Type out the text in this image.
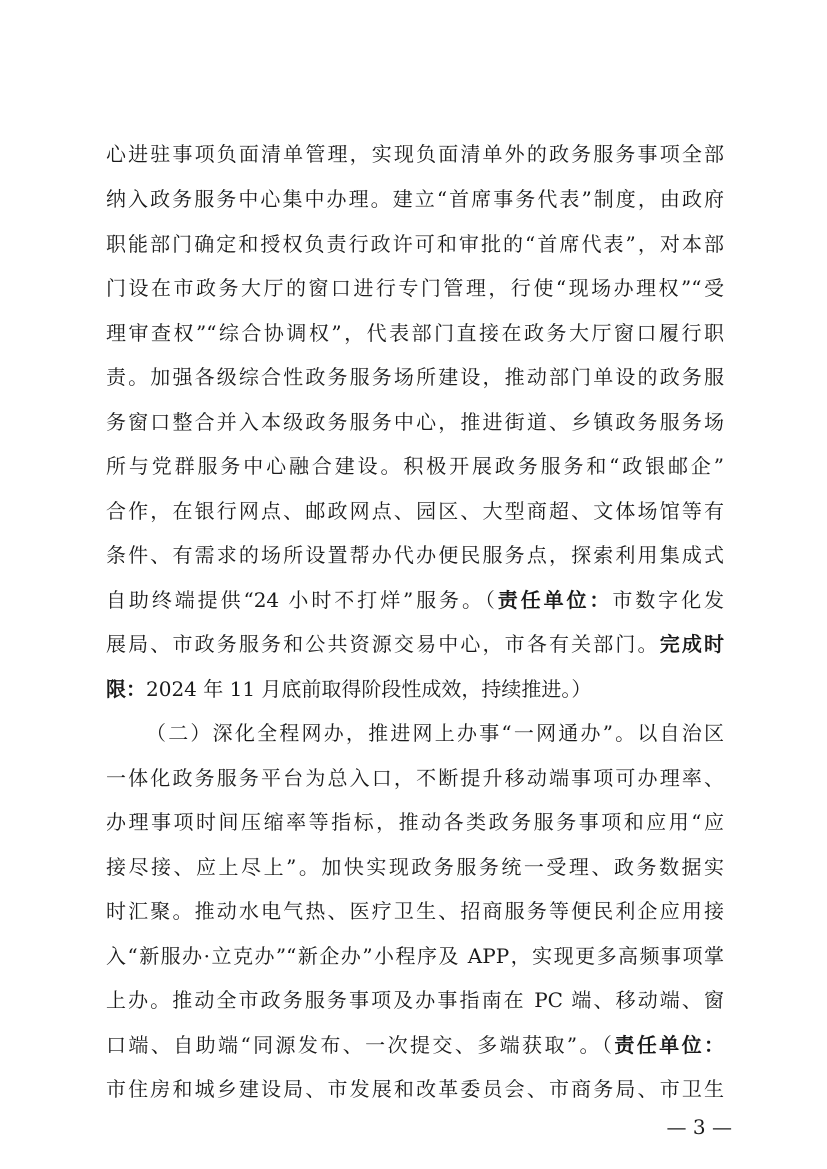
心进驻事项负面清单管理，实现负面清单外的政务服务事项全部
纳入政务服务中心集中办理。建立“首席事务代表”制度，由政府
职能部门确定和授权负责行政许可和审批的“首席代表”，对本部
门设在市政务大厅的窗口进行专门管理，行使“现场办理权”“受
理审查权”“综合协调权”，代表部门直接在政务大厅窗口履行职
责。加强各级综合性政务服务场所建设，推动部门单设的政务服
务窗口整合并入本级政务服务中心，推进街道、乡镇政务服务场
所与党群服务中心融合建设。积极开展政务服务和“政银邮企”
合作，在银行网点、邮政网点、园区、大型商超、文体场馆等有
条件、有需求的场所设置帮办代办便民服务点，探索利用集成式
自助终端提供“24 小时不打烊”服务。（责任单位：市数字化发
展局、市政务服务和公共资源交易中心，市各有关部门。完成时
限：2024 年 11 月底前取得阶段性成效，持续推进。）
（二）深化全程网办，推进网上办事“一网通办”。以自治区
一体化政务服务平台为总入口，不断提升移动端事项可办理率、
办理事项时间压缩率等指标，推动各类政务服务事项和应用“应
接尽接、应上尽上”。加快实现政务服务统一受理、政务数据实
时汇聚。推动水电气热、医疗卫生、招商服务等便民利企应用接
入“新服办·立克办”“新企办”小程序及 APP，实现更多高频事项掌
上办。推动全市政务服务事项及办事指南在 PC 端、移动端、窗
口端、自助端“同源发布、一次提交、多端获取”。（责任单位：
市住房和城乡建设局、市发展和改革委员会、市商务局、市卫生
— 3 —
